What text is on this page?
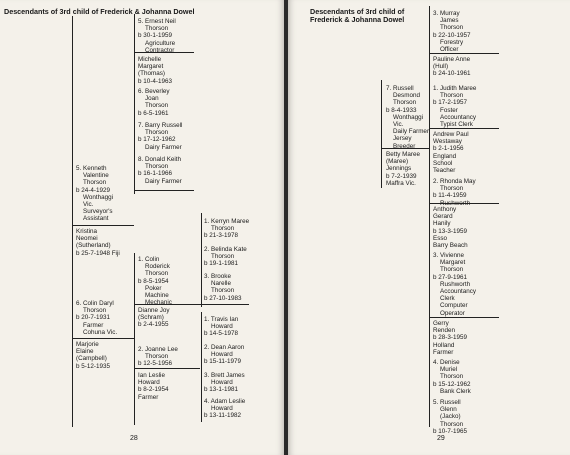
Descendants of 3rd child of Frederick & Johanna Dowel
5. Kenneth
Valentine
Thorson
b 24-4-1929
Wonthaggi
Vic.
Surveyor's
Assistant
Kristina
Neomei
(Sutherland)
b 25-7-1948 Fiji
6. Colin Daryl
Thorson
b 20-7-1931
Farmer
Cohuna Vic.
Marjorie
Elaine
(Campbell)
b 5-12-1935
5. Ernest Neil
Thorson
b 30-1-1959
Agriculture
Contractor
Michelle
Margaret
(Thomas)
b 10-4-1963
6. Beverley
Joan
Thorson
b 6-5-1961
7. Barry Russell
Thorson
b 17-12-1962
Dairy Farmer
8. Donald Keith
Thorson
b 16-1-1966
Dairy Farmer
1. Colin
Roderick
Thorson
b 8-5-1954
Poker
Machine
Mechanic
Dianne Joy
(Schram)
b 2-4-1955
2. Joanne Lee
Thorson
b 12-5-1956
Ian Leslie
Howard
b 8-2-1954
Farmer
1. Kerryn Maree
Thorson
b 21-3-1978
2. Belinda Kate
Thorson
b 19-1-1981
3. Brooke
Narelle
Thorson
b 27-10-1983
1. Travis Ian
Howard
b 14-5-1978
2. Dean Aaron
Howard
b 15-11-1979
3. Brett James
Howard
b 13-1-1981
4. Adam Leslie
Howard
b 13-11-1982
28
Descendants of 3rd child of
Frederick & Johanna Dowel
7. Russell
Desmond
Thorson
b 8-4-1933
Wonthaggi
Vic.
Daily Farmer
Jersey
Breeder
Betty Maree
(Maree)
Jennings
b 7-2-1939
Maffra Vic.
3. Murray
James
Thorson
b 22-10-1957
Forestry
Officer
Pauline Anne
(Hull)
b 24-10-1961
1. Judith Maree
Thorson
b 17-2-1957
Foster
Accountancy
Typist Clerk
Andrew Paul
Westaway
b 2-1-1956
England
School
Teacher
2. Rhonda May
Thorson
b 11-4-1959
Rushworth
Anthony
Gerard
Hanily
b 13-3-1959
Esso
Barry Beach
3. Vivienne
Margaret
Thorson
b 27-9-1961
Rushworth
Accountancy
Clerk
Computer
Operator
Gerry
Renden
b 28-3-1959
Holland
Farmer
4. Denise
Muriel
Thorson
b 15-12-1962
Bank Clerk
5. Russell
Glenn
(Jacko)
Thorson
b 10-7-1965
29
